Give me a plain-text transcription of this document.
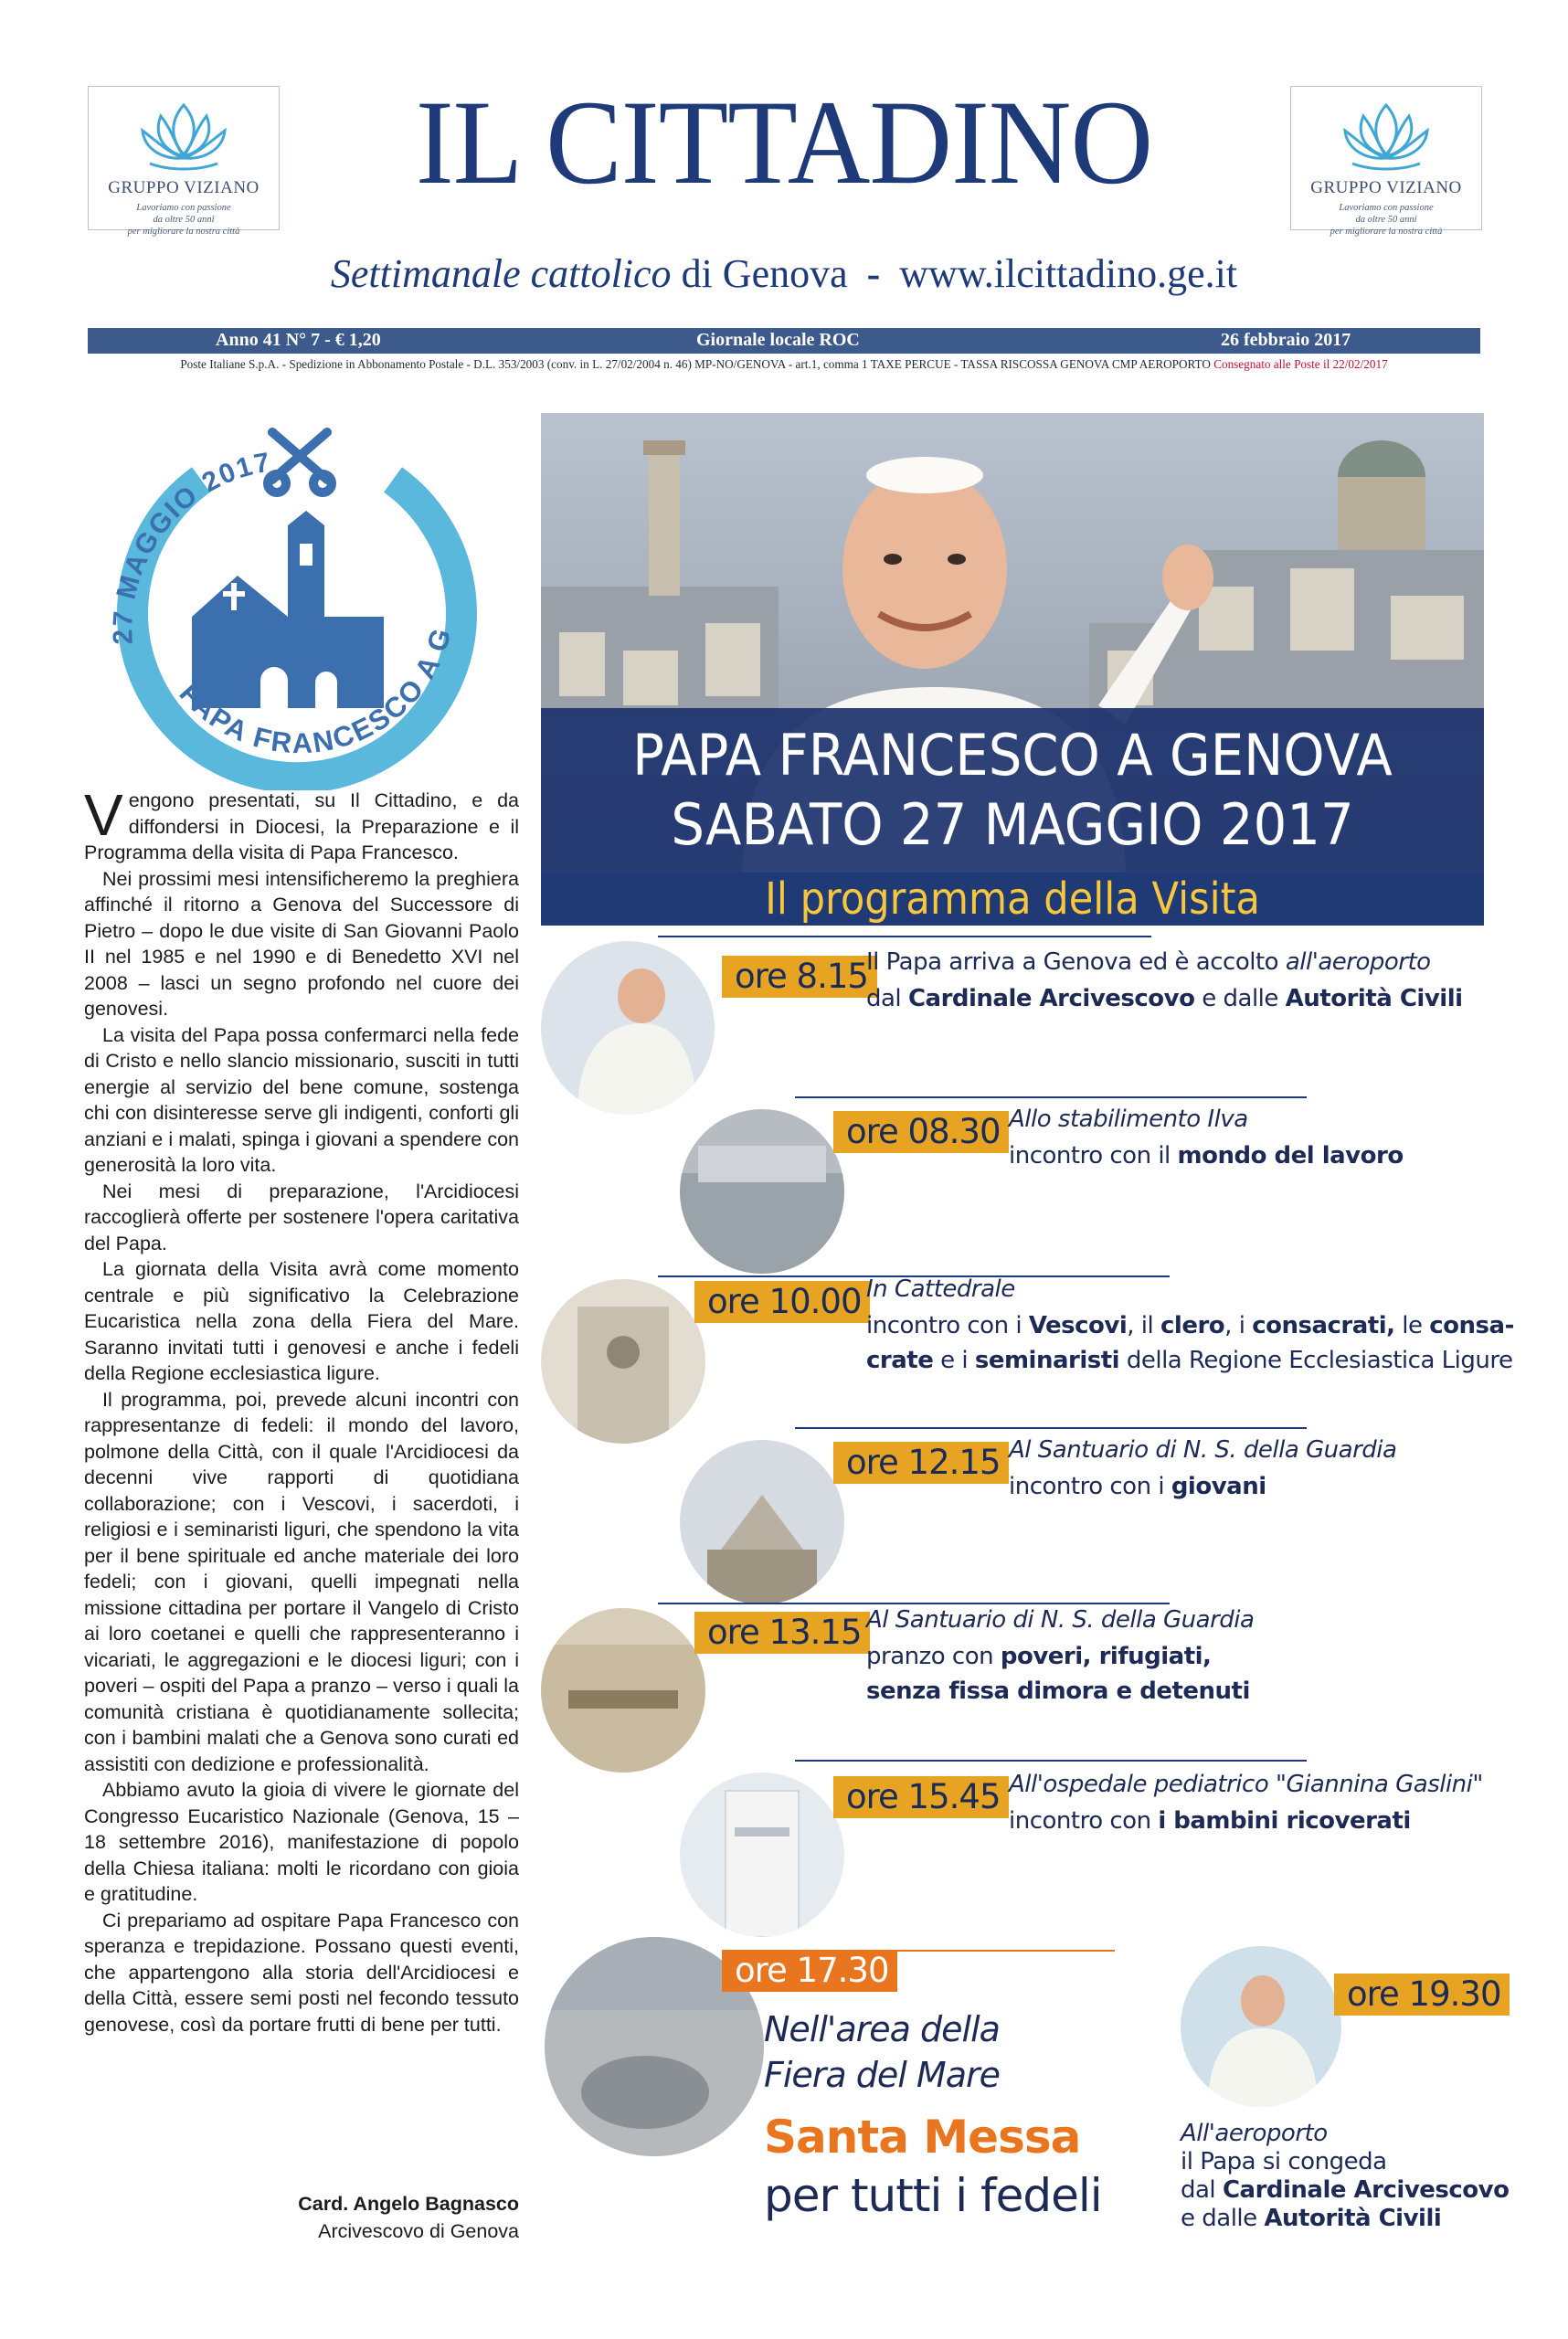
GRUPPO VIZIANO
Lavoriamo con passione
da oltre 50 anni
per migliorare la nostra città
GRUPPO VIZIANO
Lavoriamo con passione
da oltre 50 anni
per migliorare la nostra città
IL CITTADINO
Settimanale cattolico di Genova - www.ilcittadino.ge.it
Anno 41 N° 7 - € 1,20	Giornale locale ROC	26 febbraio 2017
Poste Italiane S.p.A. - Spedizione in Abbonamento Postale - D.L. 353/2003 (conv. in L. 27/02/2004 n. 46) MP-NO/GENOVA - art.1, comma 1 TAXE PERCUE - TASSA RISCOSSA GENOVA CMP AEROPORTO Consegnato alle Poste il 22/02/2017
27 MAGGIO 2017
PAPA FRANCESCO A G

Vengono presentati, su Il Cittadino, e da diffondersi in Diocesi, la Preparazione e il Programma della visita di Papa Francesco.

Nei prossimi mesi intensificheremo la preghiera affinché il ritorno a Genova del Successore di Pietro – dopo le due visite di San Giovanni Paolo II nel 1985 e nel 1990 e di Benedetto XVI nel 2008 – lasci un segno profondo nel cuore dei genovesi.

La visita del Papa possa confermarci nella fede di Cristo e nello slancio missionario, susciti in tutti energie al servizio del bene comune, sostenga chi con disinteresse serve gli indigenti, conforti gli anziani e i malati, spinga i giovani a spendere con generosità la loro vita.

Nei mesi di preparazione, l'Arcidiocesi raccoglierà offerte per sostenere l'opera caritativa del Papa.

La giornata della Visita avrà come momento centrale e più significativo la Celebrazione Eucaristica nella zona della Fiera del Mare. Saranno invitati tutti i genovesi e anche i fedeli della Regione ecclesiastica ligure.

Il programma, poi, prevede alcuni incontri con rappresentanze di fedeli: il mondo del lavoro, polmone della Città, con il quale l'Arcidiocesi da decenni vive rapporti di quotidiana collaborazione; con i Vescovi, i sacerdoti, i religiosi e i seminaristi liguri, che spendono la vita per il bene spirituale ed anche materiale dei loro fedeli; con i giovani, quelli impegnati nella missione cittadina per portare il Vangelo di Cristo ai loro coetanei e quelli che rappresenteranno i vicariati, le aggregazioni e le diocesi liguri; con i poveri – ospiti del Papa a pranzo – verso i quali la comunità cristiana è quotidianamente sollecita; con i bambini malati che a Genova sono curati ed assistiti con dedizione e professionalità.

Abbiamo avuto la gioia di vivere le giornate del Congresso Eucaristico Nazionale (Genova, 15 – 18 settembre 2016), manifestazione di popolo della Chiesa italiana: molti le ricordano con gioia e gratitudine.

Ci prepariamo ad ospitare Papa Francesco con speranza e trepidazione. Possano questi eventi, che appartengono alla storia dell'Arcidiocesi e della Città, essere semi posti nel fecondo tessuto genovese, così da portare frutti di bene per tutti.

Card. Angelo Bagnasco
Arcivescovo di Genova
PAPA FRANCESCO A GENOVA
SABATO 27 MAGGIO 2017
Il programma della Visita
ore 8.15
Il Papa arriva a Genova ed è accolto all'aeroporto
dal Cardinale Arcivescovo e dalle Autorità Civili
ore 08.30 Allo stabilimento Ilva
incontro con il mondo del lavoro
ore 10.00 In Cattedrale
incontro con i Vescovi, il clero, i consacrati, le consa-
crate e i seminaristi della Regione Ecclesiastica Ligure
ore 12.15 Al Santuario di N. S. della Guardia
incontro con i giovani
ore 13.15 Al Santuario di N. S. della Guardia
pranzo con poveri, rifugiati,
senza fissa dimora e detenuti
ore 15.45 All'ospedale pediatrico "Giannina Gaslini"
incontro con i bambini ricoverati
ore 17.30
Nell'area della
Fiera del Mare
Santa Messa
per tutti i fedeli
ore 19.30
All'aeroporto
il Papa si congeda
dal Cardinale Arcivescovo
e dalle Autorità Civili
